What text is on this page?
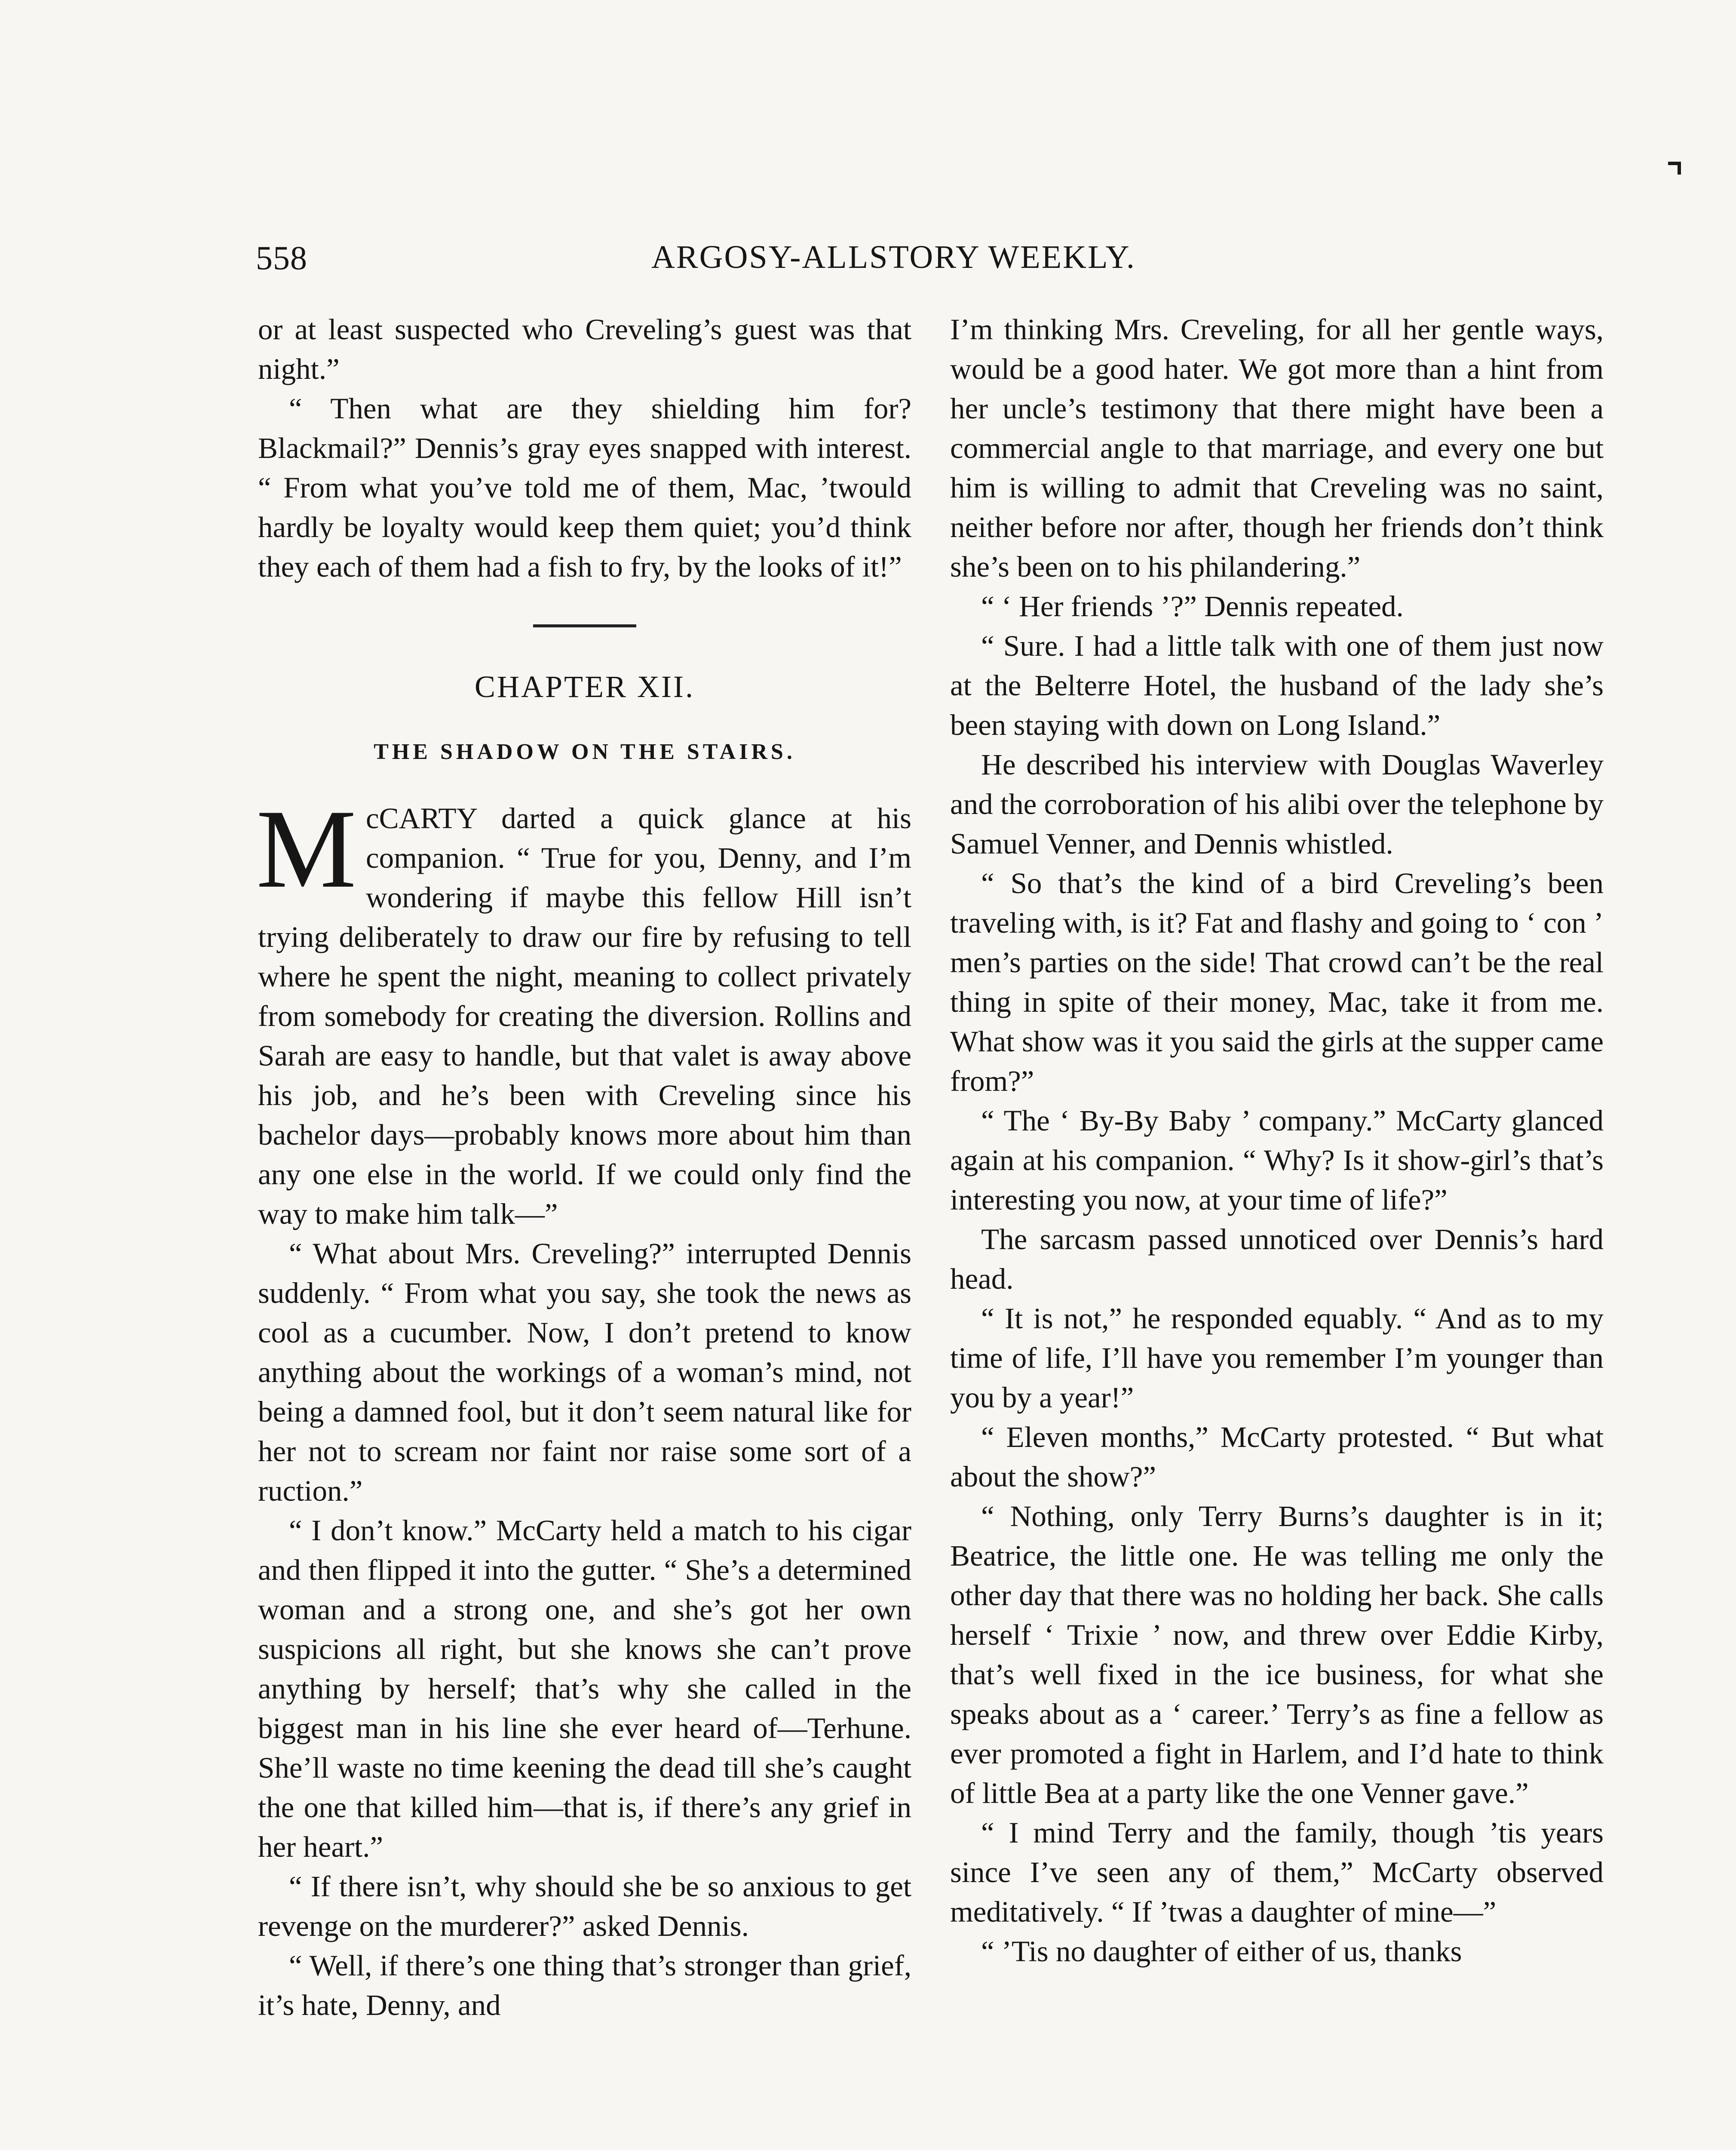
558	ARGOSY-ALLSTORY WEEKLY.

or at least suspected who Creveling’s guest was that night.”

“ Then what are they shielding him for? Blackmail?” Dennis’s gray eyes snapped with interest. “ From what you’ve told me of them, Mac, ’twould hardly be loyalty would keep them quiet; you’d think they each of them had a fish to fry, by the looks of it!”

CHAPTER XII.
THE SHADOW ON THE STAIRS.

McCARTY darted a quick glance at his companion. “ True for you, Denny, and I’m wondering if maybe this fellow Hill isn’t trying deliberately to draw our fire by refusing to tell where he spent the night, meaning to collect privately from somebody for creating the diversion. Rollins and Sarah are easy to handle, but that valet is away above his job, and he’s been with Creveling since his bachelor days—probably knows more about him than any one else in the world. If we could only find the way to make him talk—”

“ What about Mrs. Creveling?” interrupted Dennis suddenly. “ From what you say, she took the news as cool as a cucumber. Now, I don’t pretend to know anything about the workings of a woman’s mind, not being a damned fool, but it don’t seem natural like for her not to scream nor faint nor raise some sort of a ruction.”

“ I don’t know.” McCarty held a match to his cigar and then flipped it into the gutter. “ She’s a determined woman and a strong one, and she’s got her own suspicions all right, but she knows she can’t prove anything by herself; that’s why she called in the biggest man in his line she ever heard of—Terhune. She’ll waste no time keening the dead till she’s caught the one that killed him—that is, if there’s any grief in her heart.”

“ If there isn’t, why should she be so anxious to get revenge on the murderer?” asked Dennis.

“ Well, if there’s one thing that’s stronger than grief, it’s hate, Denny, and

I’m thinking Mrs. Creveling, for all her gentle ways, would be a good hater. We got more than a hint from her uncle’s testimony that there might have been a commercial angle to that marriage, and every one but him is willing to admit that Creveling was no saint, neither before nor after, though her friends don’t think she’s been on to his philandering.”

“ ‘ Her friends ’?” Dennis repeated.

“ Sure. I had a little talk with one of them just now at the Belterre Hotel, the husband of the lady she’s been staying with down on Long Island.”

He described his interview with Douglas Waverley and the corroboration of his alibi over the telephone by Samuel Venner, and Dennis whistled.

“ So that’s the kind of a bird Creveling’s been traveling with, is it? Fat and flashy and going to ‘ con ’ men’s parties on the side! That crowd can’t be the real thing in spite of their money, Mac, take it from me. What show was it you said the girls at the supper came from?”

“ The ‘ By-By Baby ’ company.” McCarty glanced again at his companion. “ Why? Is it show-girl’s that’s interesting you now, at your time of life?”

The sarcasm passed unnoticed over Dennis’s hard head.

“ It is not,” he responded equably. “ And as to my time of life, I’ll have you remember I’m younger than you by a year!”

“ Eleven months,” McCarty protested. “ But what about the show?”

“ Nothing, only Terry Burns’s daughter is in it; Beatrice, the little one. He was telling me only the other day that there was no holding her back. She calls herself ‘ Trixie ’ now, and threw over Eddie Kirby, that’s well fixed in the ice business, for what she speaks about as a ‘ career.’ Terry’s as fine a fellow as ever promoted a fight in Harlem, and I’d hate to think of little Bea at a party like the one Venner gave.”

“ I mind Terry and the family, though ’tis years since I’ve seen any of them,” McCarty observed meditatively. “ If ’twas a daughter of mine—”

“ ’Tis no daughter of either of us, thanks
